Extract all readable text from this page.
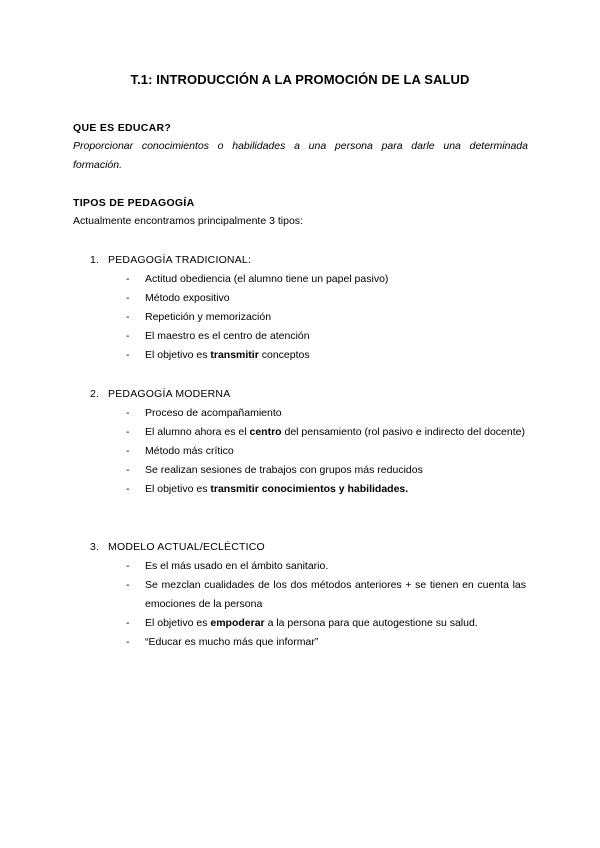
T.1: INTRODUCCIÓN A LA PROMOCIÓN DE LA SALUD
QUE ES EDUCAR?
Proporcionar conocimientos o habilidades a una persona para darle una determinada formación.
TIPOS DE PEDAGOGÍA
Actualmente encontramos principalmente 3 tipos:
1. PEDAGOGÍA TRADICIONAL:
- Actitud obediencia (el alumno tiene un papel pasivo)
- Método expositivo
- Repetición y memorización
- El maestro es el centro de atención
- El objetivo es transmitir conceptos
2. PEDAGOGÍA MODERNA
- Proceso de acompañamiento
- El alumno ahora es el centro del pensamiento (rol pasivo e indirecto del docente)
- Método más crítico
- Se realizan sesiones de trabajos con grupos más reducidos
- El objetivo es transmitir conocimientos y habilidades.
3. MODELO ACTUAL/ECLÉCTICO
- Es el más usado en el ámbito sanitario.
- Se mezclan cualidades de los dos métodos anteriores + se tienen en cuenta las emociones de la persona
- El objetivo es empoderar a la persona para que autogestione su salud.
- “Educar es mucho más que informar”
